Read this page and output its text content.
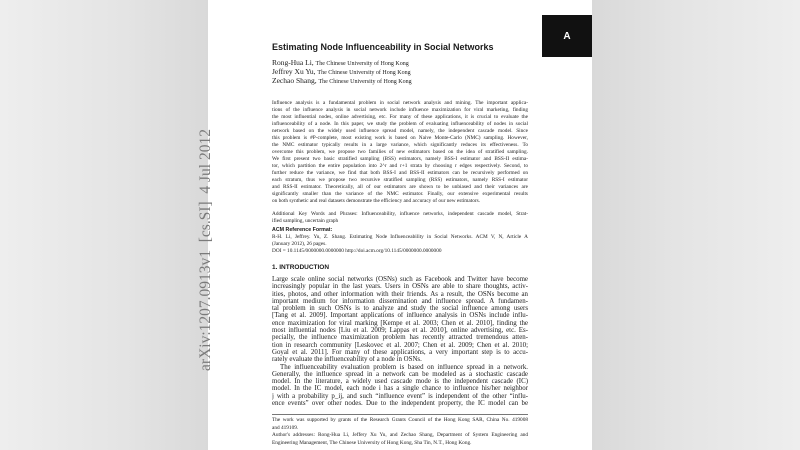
A
arXiv:1207.0913v1  [cs.SI]  4 Jul 2012
Estimating Node Influenceability in Social Networks
Rong-Hua Li, The Chinese University of Hong Kong
Jeffrey Xu Yu, The Chinese University of Hong Kong
Zechao Shang, The Chinese University of Hong Kong
Influence analysis is a fundamental problem in social network analysis and mining. The important applica-
tions of the influence analysis in social network include influence maximization for viral marketing, finding
the most influential nodes, online advertising, etc. For many of these applications, it is crucial to evaluate the
influenceability of a node. In this paper, we study the problem of evaluating influenceability of nodes in social
network based on the widely used influence spread model, namely, the independent cascade model. Since
this problem is #P-complete, most existing work is based on Naive Monte-Carlo (NMC) sampling. However,
the NMC estimator typically results in a large variance, which significantly reduces its effectiveness. To
overcome this problem, we propose two families of new estimators based on the idea of stratified sampling.
We first present two basic stratified sampling (BSS) estimators, namely BSS-I estimator and BSS-II estima-
tor, which partition the entire population into 2^r and r+1 strata by choosing r edges respectively. Second, to
further reduce the variance, we find that both BSS-I and BSS-II estimators can be recursively performed on
each stratum, thus we propose two recursive stratified sampling (RSS) estimators, namely RSS-I estimator
and RSS-II estimator. Theoretically, all of our estimators are shown to be unbiased and their variances are
significantly smaller than the variance of the NMC estimator. Finally, our extensive experimental results
on both synthetic and real datasets demonstrate the efficiency and accuracy of our new estimators.
Additional Key Words and Phrases: Influenceability, influence networks, independent cascade model, Strat-
ified sampling, uncertain graph
ACM Reference Format:
R-H. Li, Jeffrey. Yu, Z. Shang. Estimating Node Influenceability in Social Networks. ACM V, N, Article A
(January 2012), 26 pages.
DOI = 10.1145/0000000.0000000 http://doi.acm.org/10.1145/0000000.0000000
1. INTRODUCTION
Large scale online social networks (OSNs) such as Facebook and Twitter have become
increasingly popular in the last years. Users in OSNs are able to share thoughts, activ-
ities, photos, and other information with their friends. As a result, the OSNs become an
important medium for information dissemination and influence spread. A fundamen-
tal problem in such OSNs is to analyze and study the social influence among users
[Tang et al. 2009]. Important applications of influence analysis in OSNs include influ-
ence maximization for viral marking [Kempe et al. 2003; Chen et al. 2010], finding the
most influential nodes [Liu et al. 2009; Lappas et al. 2010], online advertising, etc. Es-
pecially, the influence maximization problem has recently attracted tremendous atten-
tion in research community [Leskovec et al. 2007; Chen et al. 2009; Chen et al. 2010;
Goyal et al. 2011]. For many of these applications, a very important step is to accu-
rately evaluate the influenceability of a node in OSNs.
The influenceability evaluation problem is based on influence spread in a network.
Generally, the influence spread in a network can be modeled as a stochastic cascade
model. In the literature, a widely used cascade mode is the independent cascade (IC)
model. In the IC model, each node i has a single chance to influence his/her neighbor
j with a probability p_ij, and such “influence event” is independent of the other “influ-
ence events” over other nodes. Due to the independent property, the IC model can be
The work was supported by grants of the Research Grants Council of the Hong Kong SAR, China No. 419008
and 419109.
Author's addresses: Rong-Hua Li, Jeffery Xu Yu, and Zechao Shang, Department of System Engineering and
Engineering Management, The Chinese University of Hong Kong, Sha Tin, N.T., Hong Kong.
